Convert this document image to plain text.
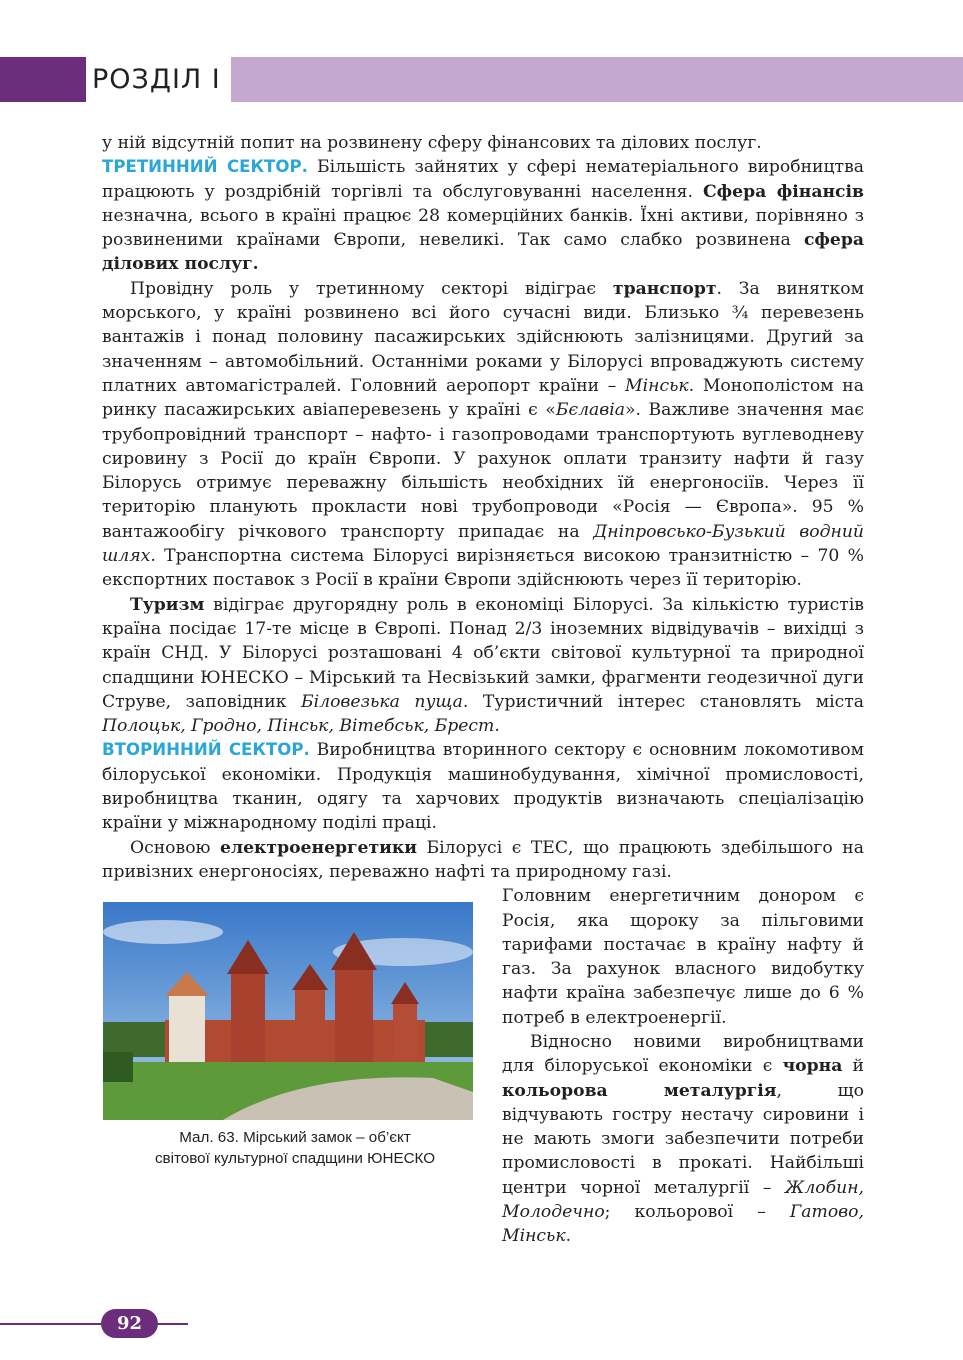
РОЗДІЛ І

у ній відсутній попит на розвинену сферу фінансових та ділових послуг.

ТРЕТИННИЙ СЕКТОР. Більшість зайнятих у сфері нематеріального виробництва працюють у роздрібній торгівлі та обслуговуванні населення. Сфера фінансів незначна, всього в країні працює 28 комерційних банків. Їхні активи, порівняно з розвиненими країнами Європи, невеликі. Так само слабко розвинена сфера ділових послуг.

Провідну роль у третинному секторі відіграє транспорт. За винятком морського, у країні розвинено всі його сучасні види. Близько ¾ перевезень вантажів і понад половину пасажирських здійснюють залізницями. Другий за значенням – автомобільний. Останніми роками у Білорусі впроваджують систему платних автомагістралей. Головний аеропорт країни – Мінськ. Монополістом на ринку пасажирських авіаперевезень у країні є «Бєлавіа». Важливе значення має трубопровідний транспорт – нафто- і газопроводами транспортують вуглеводневу сировину з Росії до країн Європи. У рахунок оплати транзиту нафти й газу Білорусь отримує переважну більшість необхідних їй енергоносіїв. Через її територію планують прокласти нові трубопроводи «Росія — Європа». 95 % вантажообігу річкового транспорту припадає на Дніпровсько-Бузький водний шлях. Транспортна система Білорусі вирізняється високою транзитністю – 70 % експортних поставок з Росії в країни Європи здійснюють через її територію.

Туризм відіграє другорядну роль в економіці Білорусі. За кількістю туристів країна посідає 17-те місце в Європі. Понад 2/3 іноземних відвідувачів – вихідці з країн СНД. У Білорусі розташовані 4 об’єкти світової культурної та природної спадщини ЮНЕСКО – Мірський та Несвізький замки, фрагменти геодезичної дуги Струве, заповідник Біловезька пуща. Туристичний інтерес становлять міста Полоцьк, Гродно, Пінськ, Вітебськ, Брест.

ВТОРИННИЙ СЕКТОР. Виробництва вторинного сектору є основним локомотивом білоруської економіки. Продукція машинобудування, хімічної промисловості, виробництва тканин, одягу та харчових продуктів визначають спеціалізацію країни у міжнародному поділі праці.

Основою електроенергетики Білорусі є ТЕС, що працюють здебільшого на привізних енергоносіях, переважно нафті та природному газі.

Мал. 63. Мірський замок – об’єкт
світової культурної спадщини ЮНЕСКО

Головним енергетичним донором є Росія, яка щороку за пільговими тарифами постачає в країну нафту й газ. За рахунок власного видобутку нафти країна забезпечує лише до 6 % потреб в електроенергії.

Відносно новими виробництвами для білоруської економіки є чорна й кольорова металургія, що відчувають гостру нестачу сировини і не мають змоги забезпечити потреби промисловості в прокаті. Найбільші центри чорної металургії – Жлобин, Молодечно; кольорової – Гатово, Мінськ.

92
